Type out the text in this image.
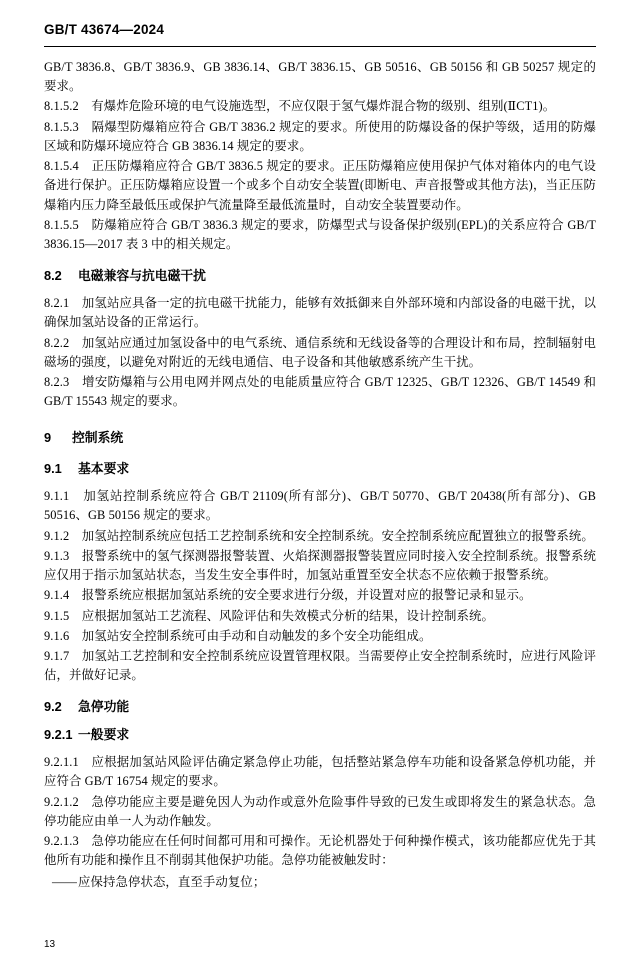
GB/T 43674—2024

GB/T 3836.8、GB/T 3836.9、GB 3836.14、GB/T 3836.15、GB 50516、GB 50156 和 GB 50257 规定的要求。

8.1.5.2　有爆炸危险环境的电气设施选型，不应仅限于氢气爆炸混合物的级别、组别(ⅡCT1)。

8.1.5.3　隔爆型防爆箱应符合 GB/T 3836.2 规定的要求。所使用的防爆设备的保护等级，适用的防爆区域和防爆环境应符合 GB 3836.14 规定的要求。

8.1.5.4　正压防爆箱应符合 GB/T 3836.5 规定的要求。正压防爆箱应使用保护气体对箱体内的电气设备进行保护。正压防爆箱应设置一个或多个自动安全装置(即断电、声音报警或其他方法)，当正压防爆箱内压力降至最低压或保护气流量降至最低流量时，自动安全装置要动作。

8.1.5.5　防爆箱应符合 GB/T 3836.3 规定的要求，防爆型式与设备保护级别(EPL)的关系应符合 GB/T 3836.15—2017 表 3 中的相关规定。

8.2 电磁兼容与抗电磁干扰

8.2.1　加氢站应具备一定的抗电磁干扰能力，能够有效抵御来自外部环境和内部设备的电磁干扰，以确保加氢站设备的正常运行。

8.2.2　加氢站应通过加氢设备中的电气系统、通信系统和无线设备等的合理设计和布局，控制辐射电磁场的强度，以避免对附近的无线电通信、电子设备和其他敏感系统产生干扰。

8.2.3　增安防爆箱与公用电网并网点处的电能质量应符合 GB/T 12325、GB/T 12326、GB/T 14549 和 GB/T 15543 规定的要求。

9 控制系统
9.1 基本要求

9.1.1　加氢站控制系统应符合 GB/T 21109(所有部分)、GB/T 50770、GB/T 20438(所有部分)、GB 50516、GB 50156 规定的要求。

9.1.2　加氢站控制系统应包括工艺控制系统和安全控制系统。安全控制系统应配置独立的报警系统。

9.1.3　报警系统中的氢气探测器报警装置、火焰探测器报警装置应同时接入安全控制系统。报警系统应仅用于指示加氢站状态，当发生安全事件时，加氢站重置至安全状态不应依赖于报警系统。

9.1.4　报警系统应根据加氢站系统的安全要求进行分级，并设置对应的报警记录和显示。

9.1.5　应根据加氢站工艺流程、风险评估和失效模式分析的结果，设计控制系统。

9.1.6　加氢站安全控制系统可由手动和自动触发的多个安全功能组成。

9.1.7　加氢站工艺控制和安全控制系统应设置管理权限。当需要停止安全控制系统时，应进行风险评估，并做好记录。

9.2 急停功能
9.2.1 一般要求

9.2.1.1　应根据加氢站风险评估确定紧急停止功能，包括整站紧急停车功能和设备紧急停机功能，并应符合 GB/T 16754 规定的要求。

9.2.1.2　急停功能应主要是避免因人为动作或意外危险事件导致的已发生或即将发生的紧急状态。急停功能应由单一人为动作触发。

9.2.1.3　急停功能应在任何时间都可用和可操作。无论机器处于何种操作模式，该功能都应优先于其他所有功能和操作且不削弱其他保护功能。急停功能被触发时：

——应保持急停状态，直至手动复位；

13
